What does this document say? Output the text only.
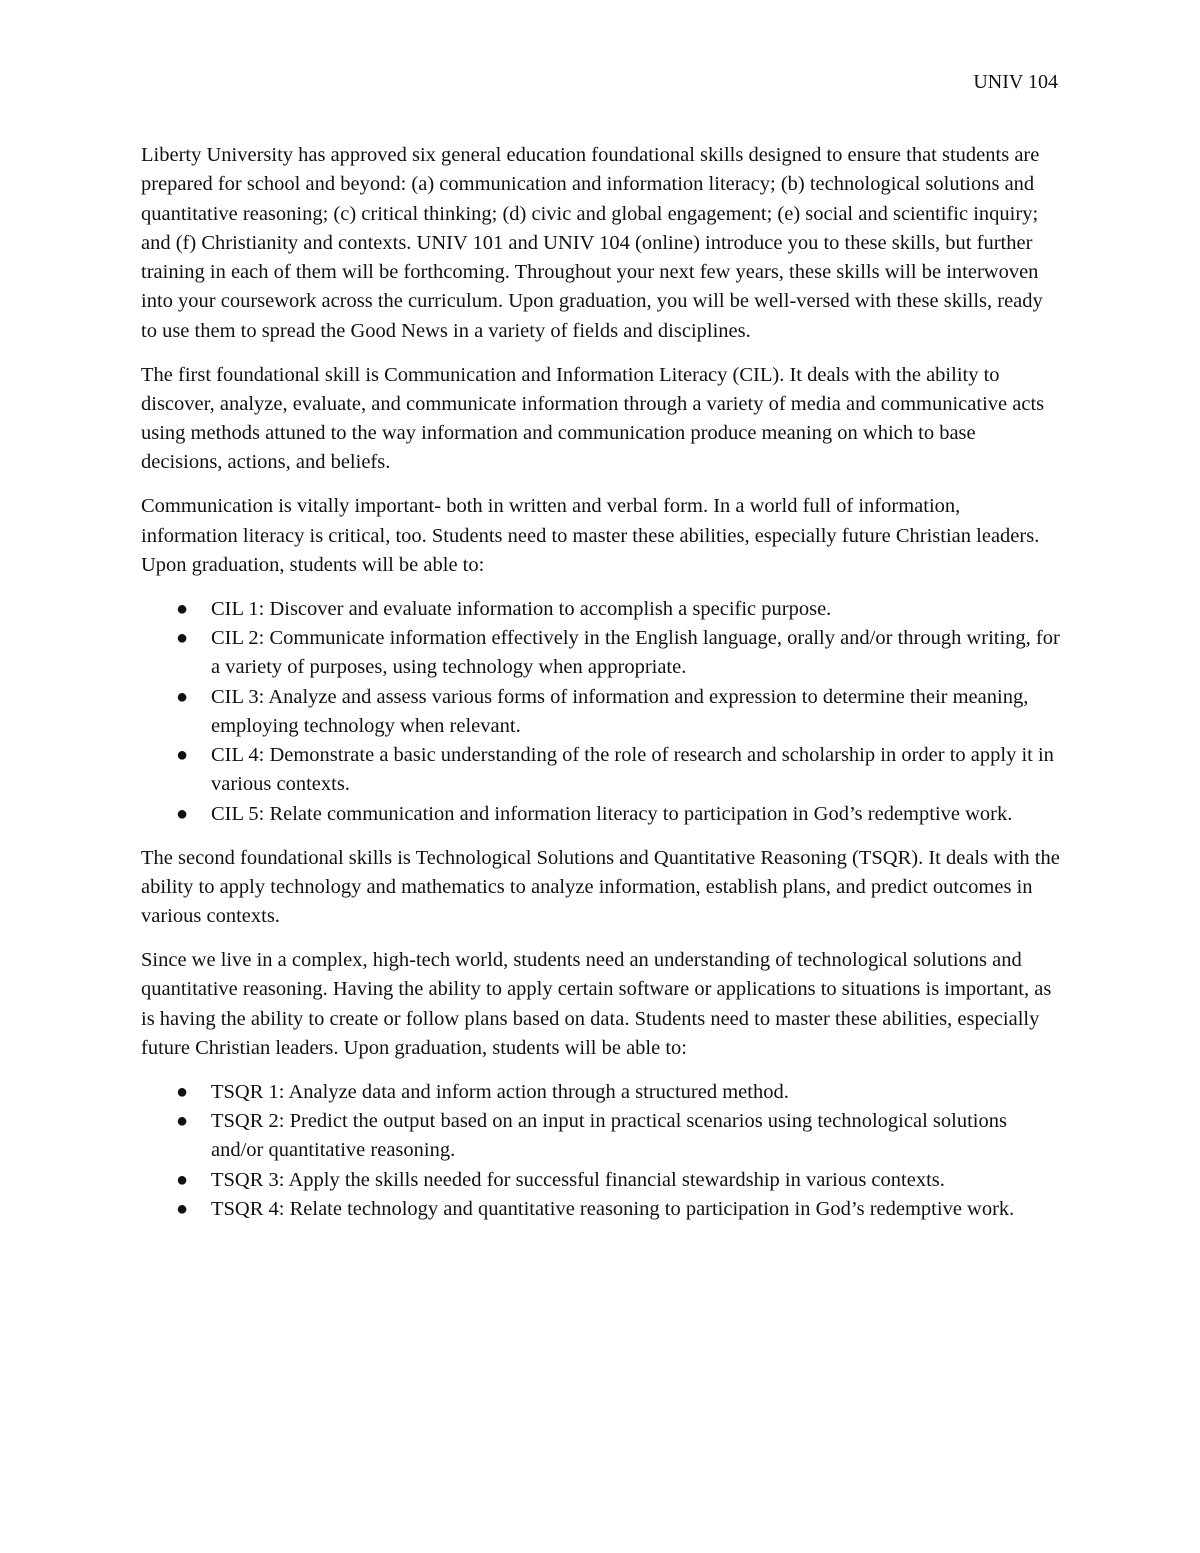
UNIV 104

Liberty University has approved six general education foundational skills designed to ensure that students are prepared for school and beyond: (a) communication and information literacy; (b) technological solutions and quantitative reasoning; (c) critical thinking; (d) civic and global engagement; (e) social and scientific inquiry; and (f) Christianity and contexts. UNIV 101 and UNIV 104 (online) introduce you to these skills, but further training in each of them will be forthcoming. Throughout your next few years, these skills will be interwoven into your coursework across the curriculum. Upon graduation, you will be well-versed with these skills, ready to use them to spread the Good News in a variety of fields and disciplines.

The first foundational skill is Communication and Information Literacy (CIL). It deals with the ability to discover, analyze, evaluate, and communicate information through a variety of media and communicative acts using methods attuned to the way information and communication produce meaning on which to base decisions, actions, and beliefs.

Communication is vitally important- both in written and verbal form. In a world full of information, information literacy is critical, too. Students need to master these abilities, especially future Christian leaders. Upon graduation, students will be able to:

● CIL 1: Discover and evaluate information to accomplish a specific purpose.
● CIL 2: Communicate information effectively in the English language, orally and/or through writing, for a variety of purposes, using technology when appropriate.
● CIL 3: Analyze and assess various forms of information and expression to determine their meaning, employing technology when relevant.
● CIL 4: Demonstrate a basic understanding of the role of research and scholarship in order to apply it in various contexts.
● CIL 5: Relate communication and information literacy to participation in God’s redemptive work.

The second foundational skills is Technological Solutions and Quantitative Reasoning (TSQR). It deals with the ability to apply technology and mathematics to analyze information, establish plans, and predict outcomes in various contexts.

Since we live in a complex, high-tech world, students need an understanding of technological solutions and quantitative reasoning. Having the ability to apply certain software or applications to situations is important, as is having the ability to create or follow plans based on data. Students need to master these abilities, especially future Christian leaders. Upon graduation, students will be able to:

● TSQR 1: Analyze data and inform action through a structured method.
● TSQR 2: Predict the output based on an input in practical scenarios using technological solutions and/or quantitative reasoning.
● TSQR 3: Apply the skills needed for successful financial stewardship in various contexts.
● TSQR 4: Relate technology and quantitative reasoning to participation in God’s redemptive work.
